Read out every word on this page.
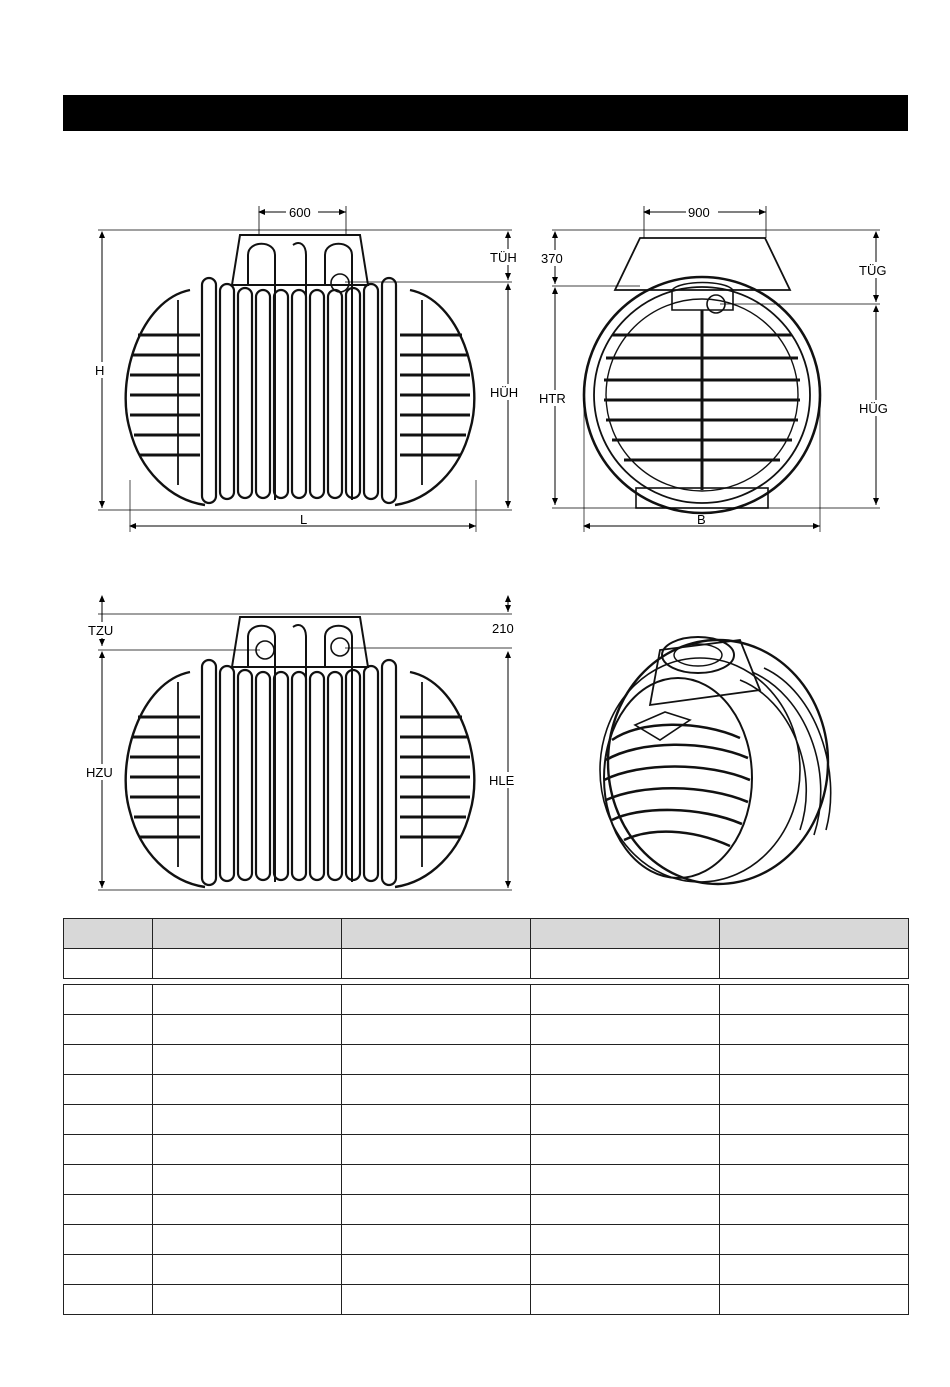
600
H
L
TÜH
HÜH
900
370
HTR
TÜG
HÜG
B
TZU
HZU
210
HLE
